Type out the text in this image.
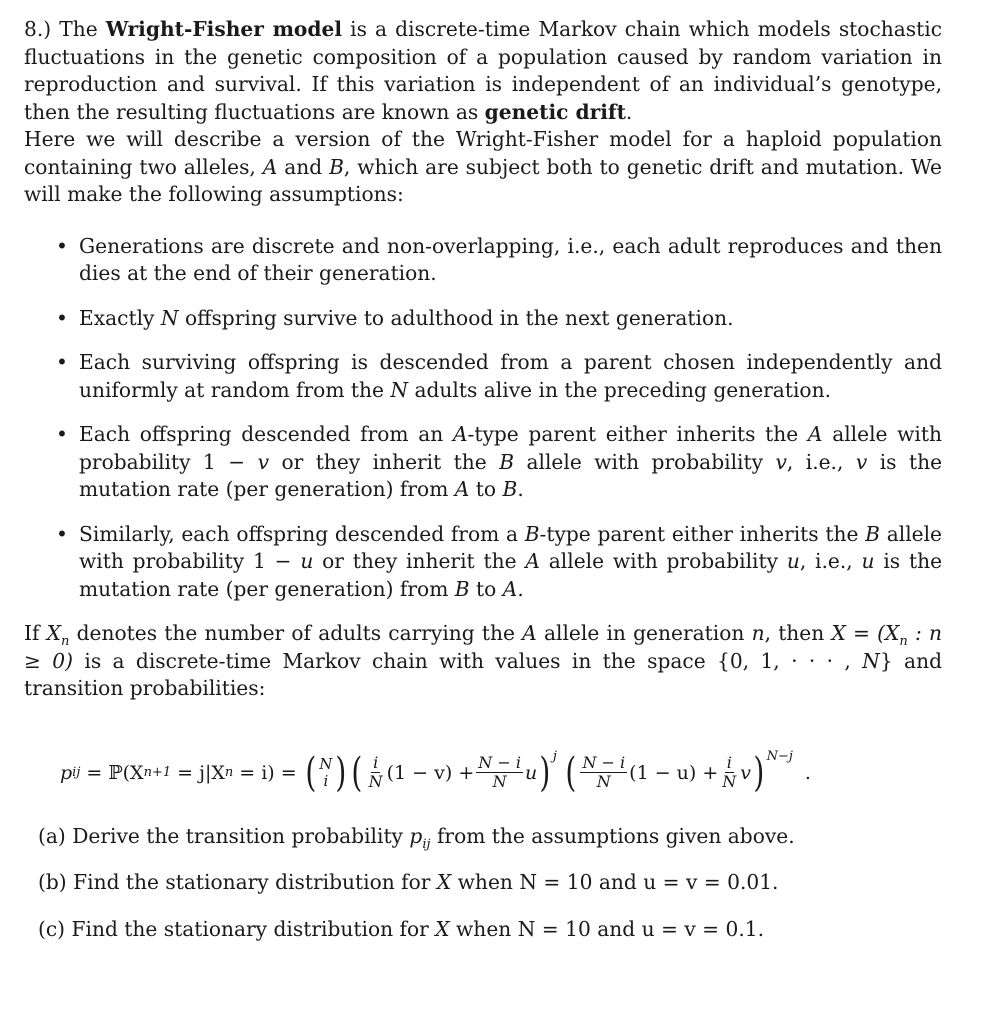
8.) The Wright-Fisher model is a discrete-time Markov chain which models stochastic fluctuations in the genetic composition of a population caused by random variation in reproduction and survival. If this variation is independent of an individual’s genotype, then the resulting fluctuations are known as genetic drift.

Here we will describe a version of the Wright-Fisher model for a haploid population containing two alleles, A and B, which are subject both to genetic drift and mutation. We will make the following assumptions:

• Generations are discrete and non-overlapping, i.e., each adult reproduces and then dies at the end of their generation.
• Exactly N offspring survive to adulthood in the next generation.
• Each surviving offspring is descended from a parent chosen independently and uniformly at random from the N adults alive in the preceding generation.
• Each offspring descended from an A-type parent either inherits the A allele with probability 1 − v or they inherit the B allele with probability v, i.e., v is the mutation rate (per generation) from A to B.
• Similarly, each offspring descended from a B-type parent either inherits the B allele with probability 1 − u or they inherit the A allele with probability u, i.e., u is the mutation rate (per generation) from B to A.

If $X_n$ denotes the number of adults carrying the A allele in generation n, then $X = (X_n$ : n ≥ 0) is a discrete-time Markov chain with values in the space {0, 1, · · · , N} and transition probabilities:

p ij = ℙ(X n+1 = j|X n = i) = ( N
i ) ( $\frac{i}{N} (1 - v) + \frac{N - i}{N}$ u ) $^j$ ( $\frac{N - i}{N} (1 - u) + \frac{i}{N}$ v ) $^{N-j}$
.
(a) Derive the transition probability $p_{ij}$ from the assumptions given above.
(b) Find the stationary distribution for X when N = 10 and u = v = 0.01.
(c) Find the stationary distribution for X when N = 10 and u = v = 0.1.
